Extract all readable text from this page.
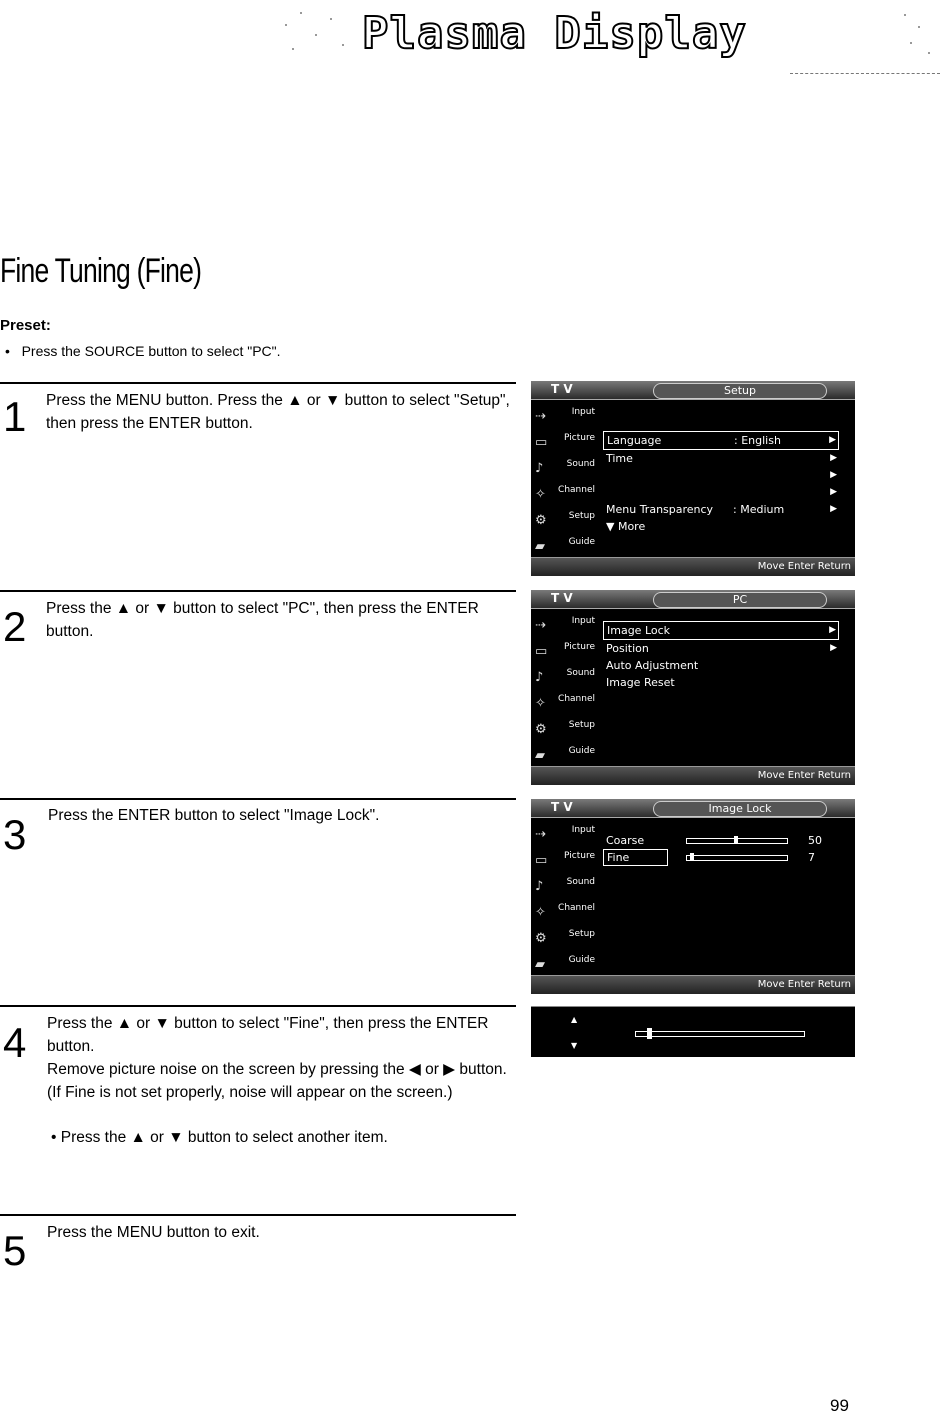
Plasma Display
Fine Tuning (Fine)
Preset:
•   Press the SOURCE button to select "PC".
1 Press the MENU button. Press the ▲ or ▼ button to select "Setup", then press the ENTER button.

2 Press the ▲ or ▼ button to select "PC", then press the ENTER button.

3 Press the ENTER button to select "Image Lock".

4 Press the ▲ or ▼ button to select "Fine", then press the ENTER button.

Remove picture noise on the screen by pressing the ◀ or ▶ button. (If Fine is not set properly, noise will appear on the screen.)

• Press the ▲ or ▼ button to select another item.

5 Press the MENU button to exit.

T V	Setup
⇢	Input
▭ Picture
♪	Sound
✧ Channel
⚙ Setup
▰	Guide
Language	: English	▶
Time	▶
▶
▶
Menu Transparency : Medium	▶
▼ More
Move Enter Return
T V	PC
⇢	Input
▭ Picture
♪	Sound
✧ Channel
⚙ Setup
▰	Guide
Image Lock	▶
Position	▶
Auto Adjustment
Image Reset
Move Enter Return
T V	Image Lock
⇢	Input
▭ Picture
♪	Sound
✧ Channel
⚙ Setup
▰	Guide
Coarse	50
Fine	7
Move Enter Return
▲
▼
99
